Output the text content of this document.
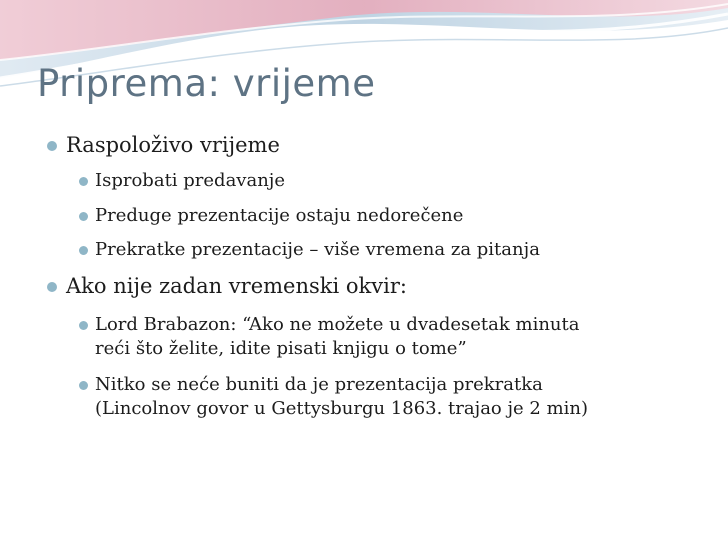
Priprema: vrijeme
Raspoloživo vrijeme
Isprobati predavanje
Preduge prezentacije ostaju nedorečene
Prekratke prezentacije – više vremena za pitanja
Ako nije zadan vremenski okvir:
Lord Brabazon: “Ako ne možete u dvadesetak minuta
reći što želite, idite pisati knjigu o tome”
Nitko se neće buniti da je prezentacija prekratka
(Lincolnov govor u Gettysburgu 1863. trajao je 2 min)
